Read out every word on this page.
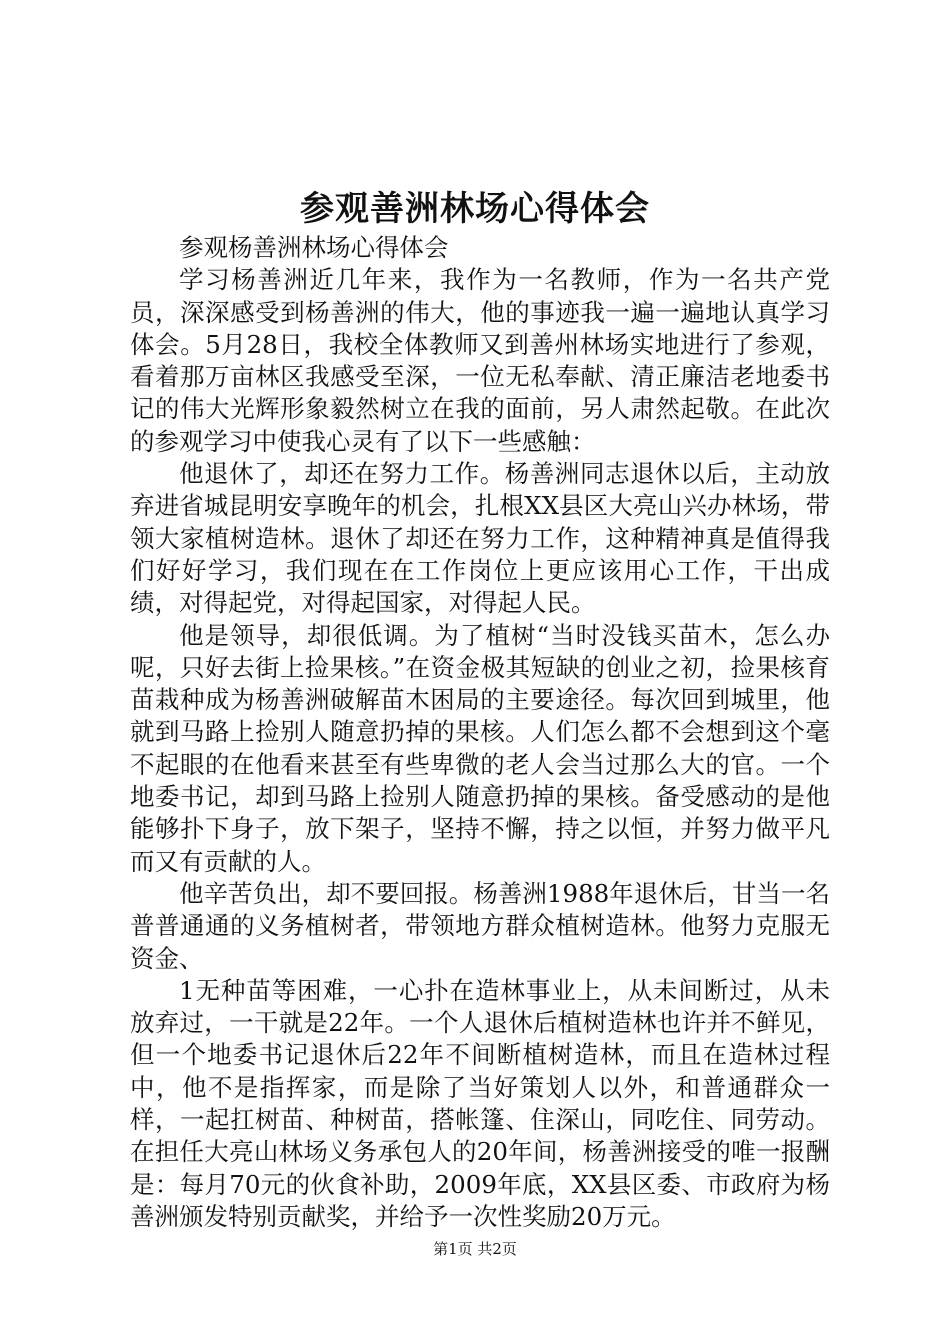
参观善洲林场心得体会

参观杨善洲林场心得体会

学习杨善洲近几年来，我作为一名教师，作为一名共产党员，深深感受到杨善洲的伟大，他的事迹我一遍一遍地认真学习体会。5月28日，我校全体教师又到善州林场实地进行了参观，看着那万亩林区我感受至深，一位无私奉献、清正廉洁老地委书记的伟大光辉形象毅然树立在我的面前，另人肃然起敬。在此次的参观学习中使我心灵有了以下一些感触：

他退休了，却还在努力工作。杨善洲同志退休以后，主动放弃进省城昆明安享晚年的机会，扎根XX县区大亮山兴办林场，带领大家植树造林。退休了却还在努力工作，这种精神真是值得我们好好学习，我们现在在工作岗位上更应该用心工作，干出成绩，对得起党，对得起国家，对得起人民。

他是领导，却很低调。为了植树“当时没钱买苗木，怎么办呢，只好去街上捡果核。”在资金极其短缺的创业之初，捡果核育苗栽种成为杨善洲破解苗木困局的主要途径。每次回到城里，他就到马路上捡别人随意扔掉的果核。人们怎么都不会想到这个毫不起眼的在他看来甚至有些卑微的老人会当过那么大的官。一个地委书记，却到马路上捡别人随意扔掉的果核。备受感动的是他能够扑下身子，放下架子，坚持不懈，持之以恒，并努力做平凡而又有贡献的人。

他辛苦负出，却不要回报。杨善洲1988年退休后，甘当一名普普通通的义务植树者，带领地方群众植树造林。他努力克服无资金、

1无种苗等困难，一心扑在造林事业上，从未间断过，从未放弃过，一干就是22年。一个人退休后植树造林也许并不鲜见，但一个地委书记退休后22年不间断植树造林，而且在造林过程中，他不是指挥家，而是除了当好策划人以外，和普通群众一样，一起扛树苗、种树苗，搭帐篷、住深山，同吃住、同劳动。在担任大亮山林场义务承包人的20年间，杨善洲接受的唯一报酬是：每月70元的伙食补助，2009年底，XX县区委、市政府为杨善洲颁发特别贡献奖，并给予一次性奖励20万元。

第1页 共2页
